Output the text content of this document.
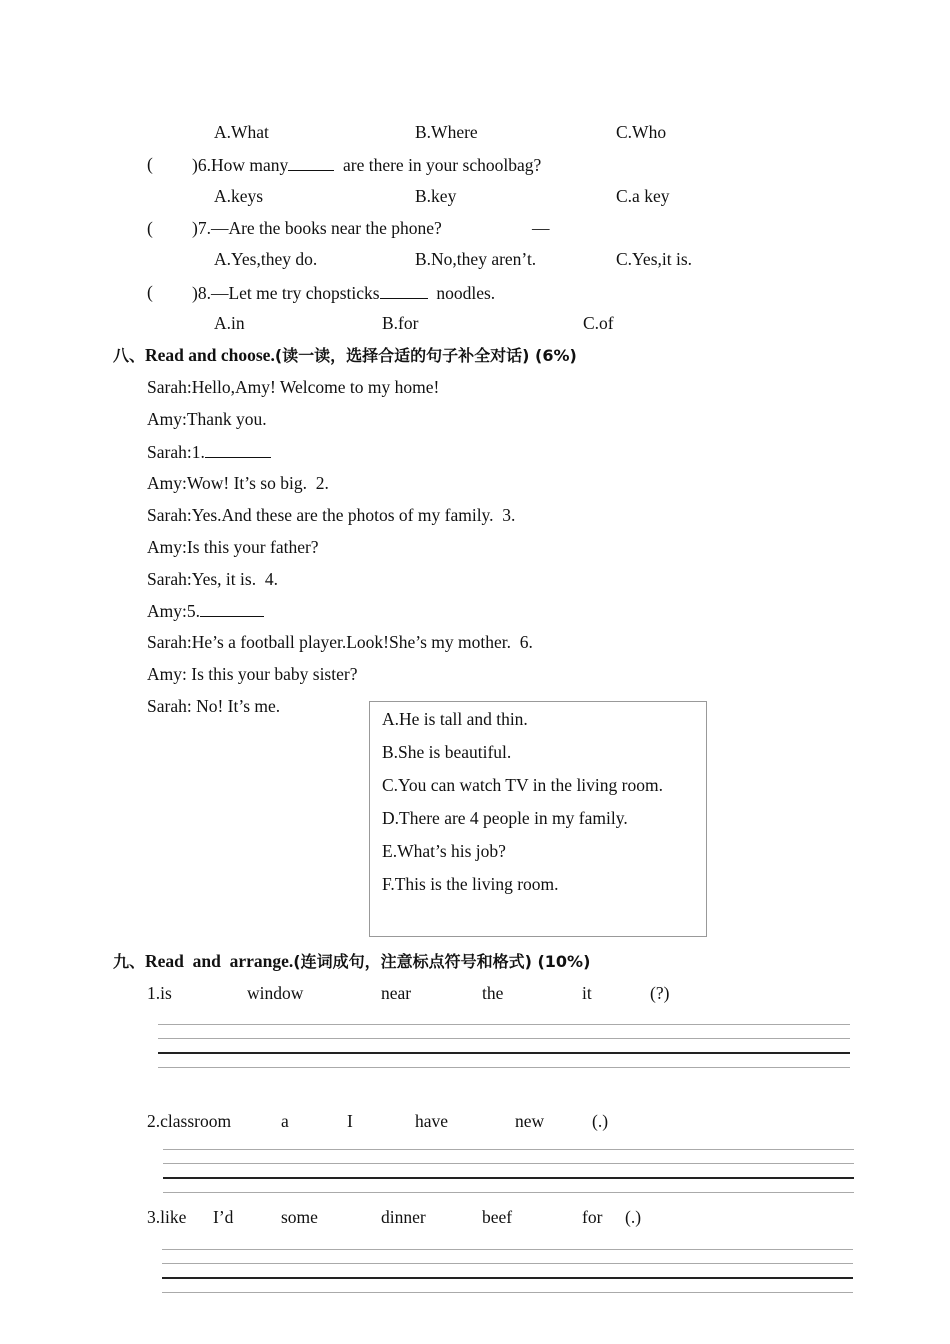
A.What	B.Where	C.Who
( )6.How many	are there in your schoolbag?
A.keys	B.key	C.a key
( )7.—Are the books near the phone?	—
A.Yes,they do.	B.No,they aren’t.	C.Yes,it is.
( )8.—Let me try chopsticks	noodles.
A.in	B.for	C.of
八、Read and choose.(读一读，选择合适的句子补全对话) (6%)
Sarah:Hello,Amy! Welcome to my home!
Amy:Thank you.
Sarah:1.
Amy:Wow! It’s so big.  2.
Sarah:Yes.And these are the photos of my family.  3.
Amy:Is this your father?
Sarah:Yes, it is.  4.
Amy:5.
Sarah:He’s a football player.Look!She’s my mother.  6.
Amy: Is this your baby sister?
Sarah: No! It’s me.
A.He is tall and thin.
B.She is beautiful.
C.You can watch TV in the living room.
D.There are 4 people in my family.
E.What’s his job?
F.This is the living room.
九、Read  and  arrange.(连词成句，注意标点符号和格式) (10%)
1.is	window	near	the	it	(?)
2.classroom	a	I	have	new	(.)
3.like I’d	some	dinner	beef	for (.)
